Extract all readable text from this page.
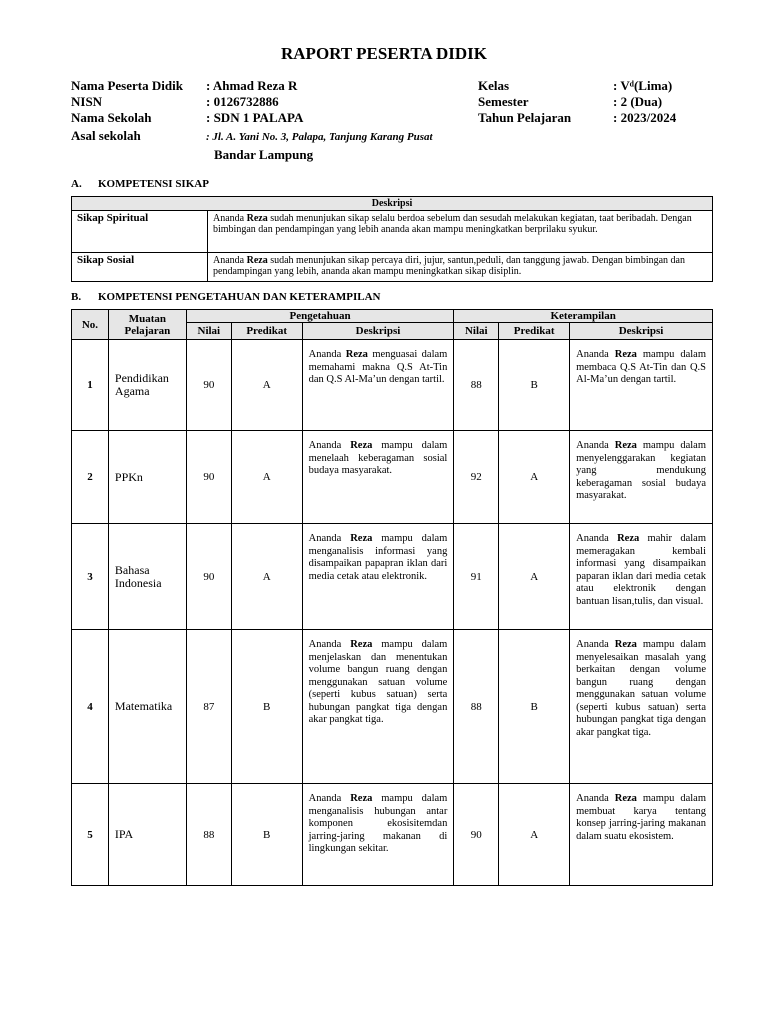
RAPORT PESERTA DIDIK
Nama Peserta Didik	: Ahmad Reza R	Kelas	: Vᵈ(Lima)
NISN	: 0126732886	Semester	: 2 (Dua)
Nama Sekolah	: SDN 1 PALAPA	Tahun Pelajaran	: 2023/2024
Asal sekolah	: Jl. A. Yani No. 3, Palapa, Tanjung Karang Pusat
Bandar Lampung
A. KOMPETENSI SIKAP
Deskripsi	
Sikap Spiritual	Ananda Reza sudah menunjukan sikap selalu berdoa sebelum dan sesudah melakukan kegiatan, taat beribadah. Dengan bimbingan dan pendampingan yang lebih ananda akan mampu meningkatkan berprilaku syukur.
Sikap Sosial	Ananda Reza sudah menunjukan sikap percaya diri, jujur, santun,peduli, dan tanggung jawab. Dengan bimbingan dan pendampingan yang lebih, ananda akan mampu meningkatkan sikap disiplin.
B. KOMPETENSI PENGETAHUAN DAN KETERAMPILAN
No.	Muatan Pelajaran	Pengetahuan			Keterampilan		
		Nilai	Predikat	Deskripsi	Nilai	Predikat	Deskripsi
1	Pendidikan Agama	90	A	Ananda Reza menguasai dalam memahami makna Q.S At-Tin dan Q.S Al-Ma’un dengan tartil.	88	B	Ananda Reza mampu dalam membaca Q.S At-Tin dan Q.S Al-Ma’un dengan tartil.
2	PPKn	90	A	Ananda Reza mampu dalam menelaah keberagaman sosial budaya masyarakat.	92	A	Ananda Reza mampu dalam menyelenggarakan kegiatan yang mendukung keberagaman sosial budaya masyarakat.
3	Bahasa Indonesia	90	A	Ananda Reza mampu dalam menganalisis informasi yang disampaikan papapran iklan dari media cetak atau elektronik.	91	A	Ananda Reza mahir dalam memeragakan kembali informasi yang disampaikan paparan iklan dari media cetak atau elektronik dengan bantuan lisan,tulis, dan visual.
4	Matematika	87	B	Ananda Reza mampu dalam menjelaskan dan menentukan volume bangun ruang dengan menggunakan satuan volume (seperti kubus satuan) serta hubungan pangkat tiga dengan akar pangkat tiga.	88	B	Ananda Reza mampu dalam menyelesaikan masalah yang berkaitan dengan volume bangun ruang dengan menggunakan satuan volume (seperti kubus satuan) serta hubungan pangkat tiga dengan akar pangkat tiga.
5	IPA	88	B	Ananda Reza mampu dalam menganalisis hubungan antar komponen ekosisitemdan jarring-jaring makanan di lingkungan sekitar.	90	A	Ananda Reza mampu dalam membuat karya tentang konsep jarring-jaring makanan dalam suatu ekosistem.
